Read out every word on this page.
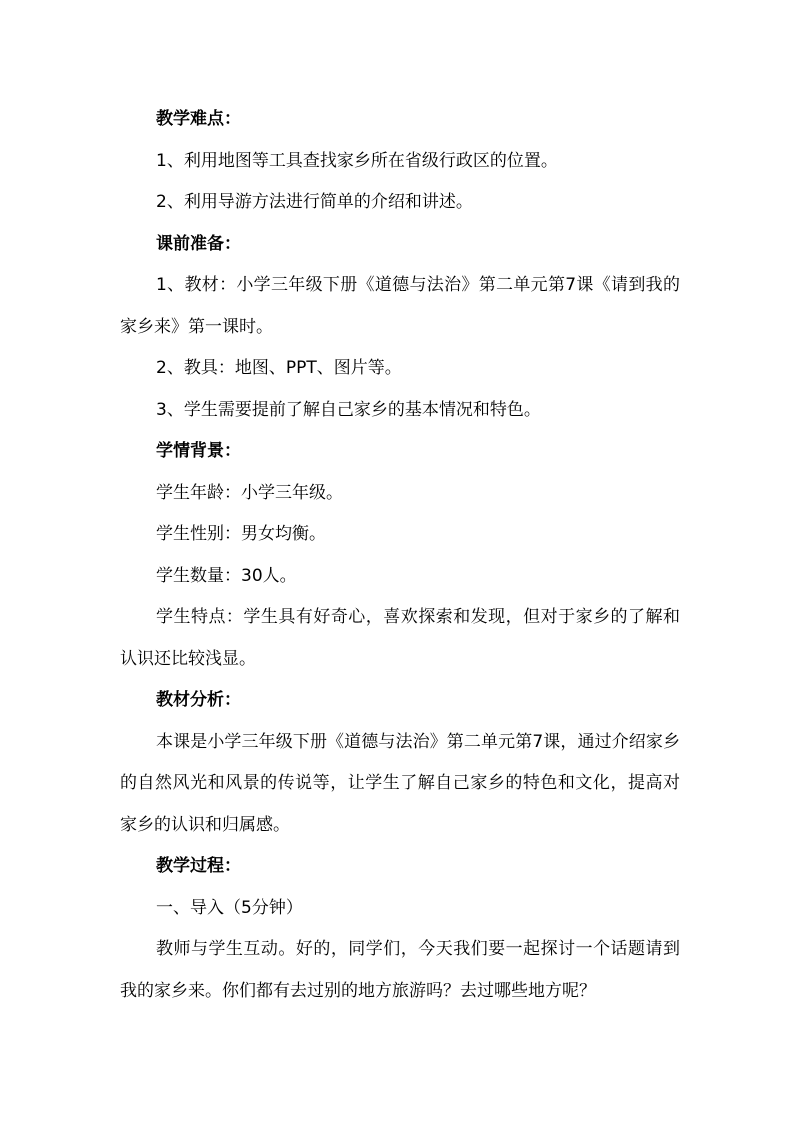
教学难点：

1、利用地图等工具查找家乡所在省级行政区的位置。

2、利用导游方法进行简单的介绍和讲述。

课前准备：

1、教材：小学三年级下册《道德与法治》第二单元第7课《请到我的家乡来》第一课时。

2、教具：地图、PPT、图片等。

3、学生需要提前了解自己家乡的基本情况和特色。

学情背景：

学生年龄：小学三年级。

学生性别：男女均衡。

学生数量：30人。

学生特点：学生具有好奇心，喜欢探索和发现，但对于家乡的了解和认识还比较浅显。

教材分析：

本课是小学三年级下册《道德与法治》第二单元第7课，通过介绍家乡的自然风光和风景的传说等，让学生了解自己家乡的特色和文化，提高对家乡的认识和归属感。

教学过程：

一、导入（5分钟）

教师与学生互动。好的，同学们，今天我们要一起探讨一个话题请到我的家乡来。你们都有去过别的地方旅游吗？去过哪些地方呢？
